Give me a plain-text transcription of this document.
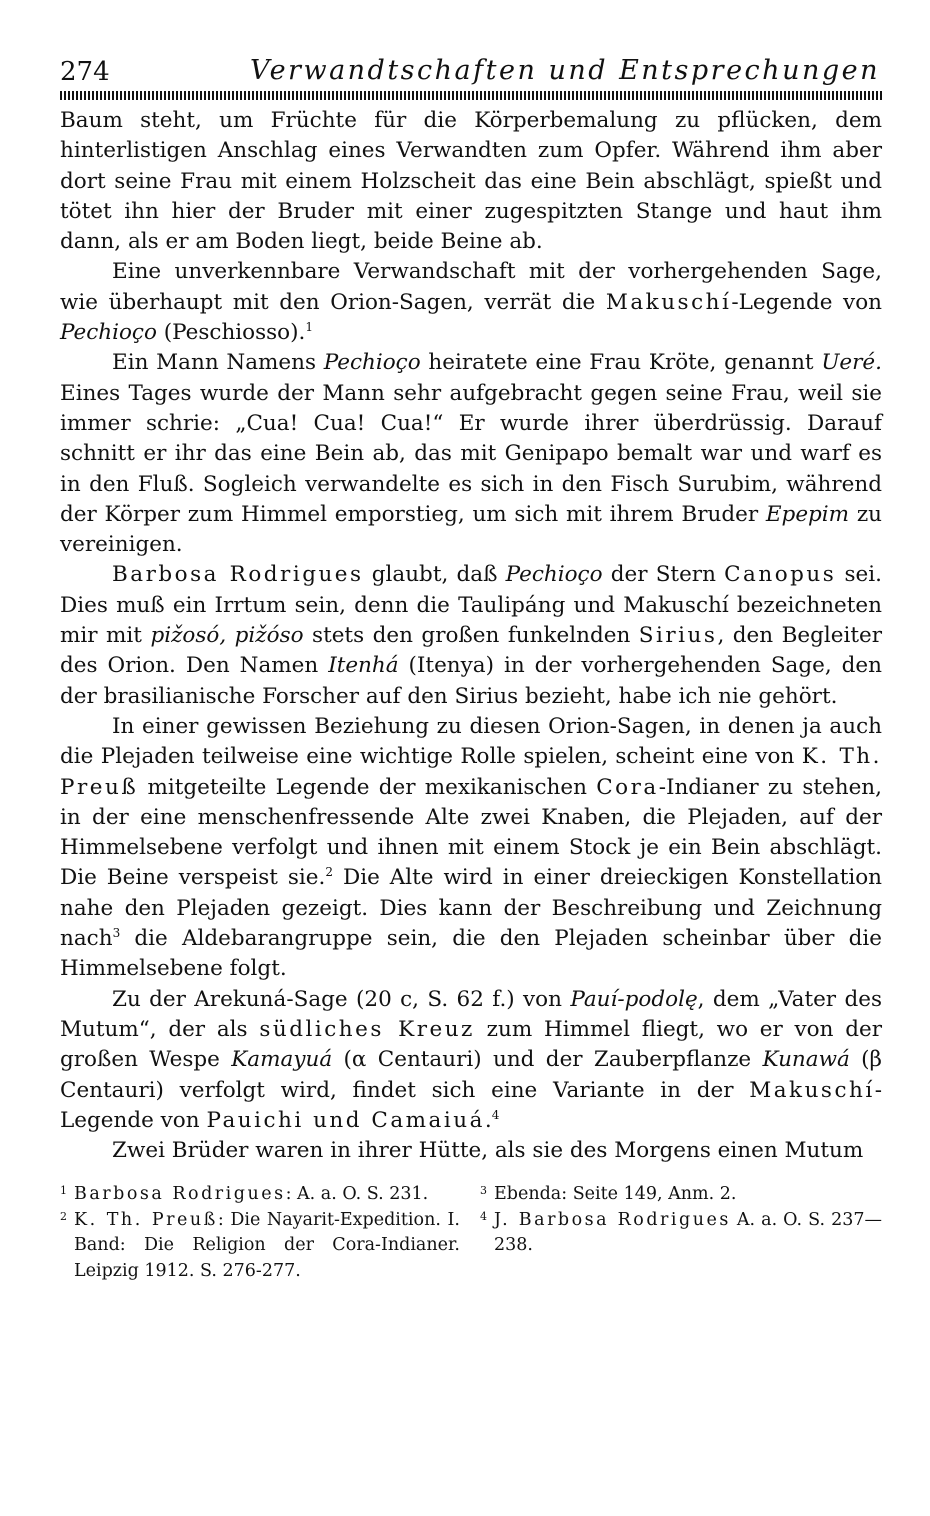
274	Verwandtschaften und Entsprechungen

Baum steht, um Früchte für die Körperbemalung zu pflücken, dem hinterlistigen Anschlag eines Verwandten zum Opfer. Während ihm aber dort seine Frau mit einem Holzscheit das eine Bein abschlägt, spießt und tötet ihn hier der Bruder mit einer zugespitzten Stange und haut ihm dann, als er am Boden liegt, beide Beine ab.

Eine unverkennbare Verwandschaft mit der vorhergehenden Sage, wie überhaupt mit den Orion-Sagen, verrät die Makuschí-Legende von Pechioço (Peschiosso).$^1$

Ein Mann Namens Pechioço heiratete eine Frau Kröte, genannt Ueré. Eines Tages wurde der Mann sehr aufgebracht gegen seine Frau, weil sie immer schrie: „Cua! Cua! Cua!“ Er wurde ihrer überdrüssig. Darauf schnitt er ihr das eine Bein ab, das mit Genipapo bemalt war und warf es in den Fluß. Sogleich verwandelte es sich in den Fisch Surubim, während der Körper zum Himmel emporstieg, um sich mit ihrem Bruder Epepim zu vereinigen.

Barbosa Rodrigues glaubt, daß Pechioço der Stern Canopus sei. Dies muß ein Irrtum sein, denn die Taulipáng und Makuschí bezeichneten mir mit pižosó, pižóso stets den großen funkelnden Sirius, den Begleiter des Orion. Den Namen Itenhá (Itenya) in der vorhergehenden Sage, den der brasilianische Forscher auf den Sirius bezieht, habe ich nie gehört.

In einer gewissen Beziehung zu diesen Orion-Sagen, in denen ja auch die Plejaden teilweise eine wichtige Rolle spielen, scheint eine von K. Th. Preuß mitgeteilte Legende der mexikanischen Cora-Indianer zu stehen, in der eine menschenfressende Alte zwei Knaben, die Plejaden, auf der Himmelsebene verfolgt und ihnen mit einem Stock je ein Bein abschlägt. Die Beine verspeist sie.$^2$ Die Alte wird in einer dreieckigen Konstellation nahe den Plejaden gezeigt. Dies kann der Beschreibung und Zeichnung nach$^3$ die Aldebarangruppe sein, die den Plejaden scheinbar über die Himmelsebene folgt.

Zu der Arekuná-Sage (20 c, S. 62 f.) von Pauí-podolę, dem „Vater des Mutum“, der als südliches Kreuz zum Himmel fliegt, wo er von der großen Wespe Kamayuá (α Centauri) und der Zauberpflanze Kunawá (β Centauri) verfolgt wird, findet sich eine Variante in der Makuschí-Legende von Pauichi und Camaiuá.$^4$

Zwei Brüder waren in ihrer Hütte, als sie des Morgens einen Mutum

1 Barbosa Rodrigues: A. a. O. S. 231.

2 K. Th. Preuß: Die Nayarit-Expedition. I. Band: Die Religion der Cora-Indianer. Leipzig 1912. S. 276-277.

3 Ebenda: Seite 149, Anm. 2.

4 J. Barbosa Rodrigues A. a. O. S. 237—238.
